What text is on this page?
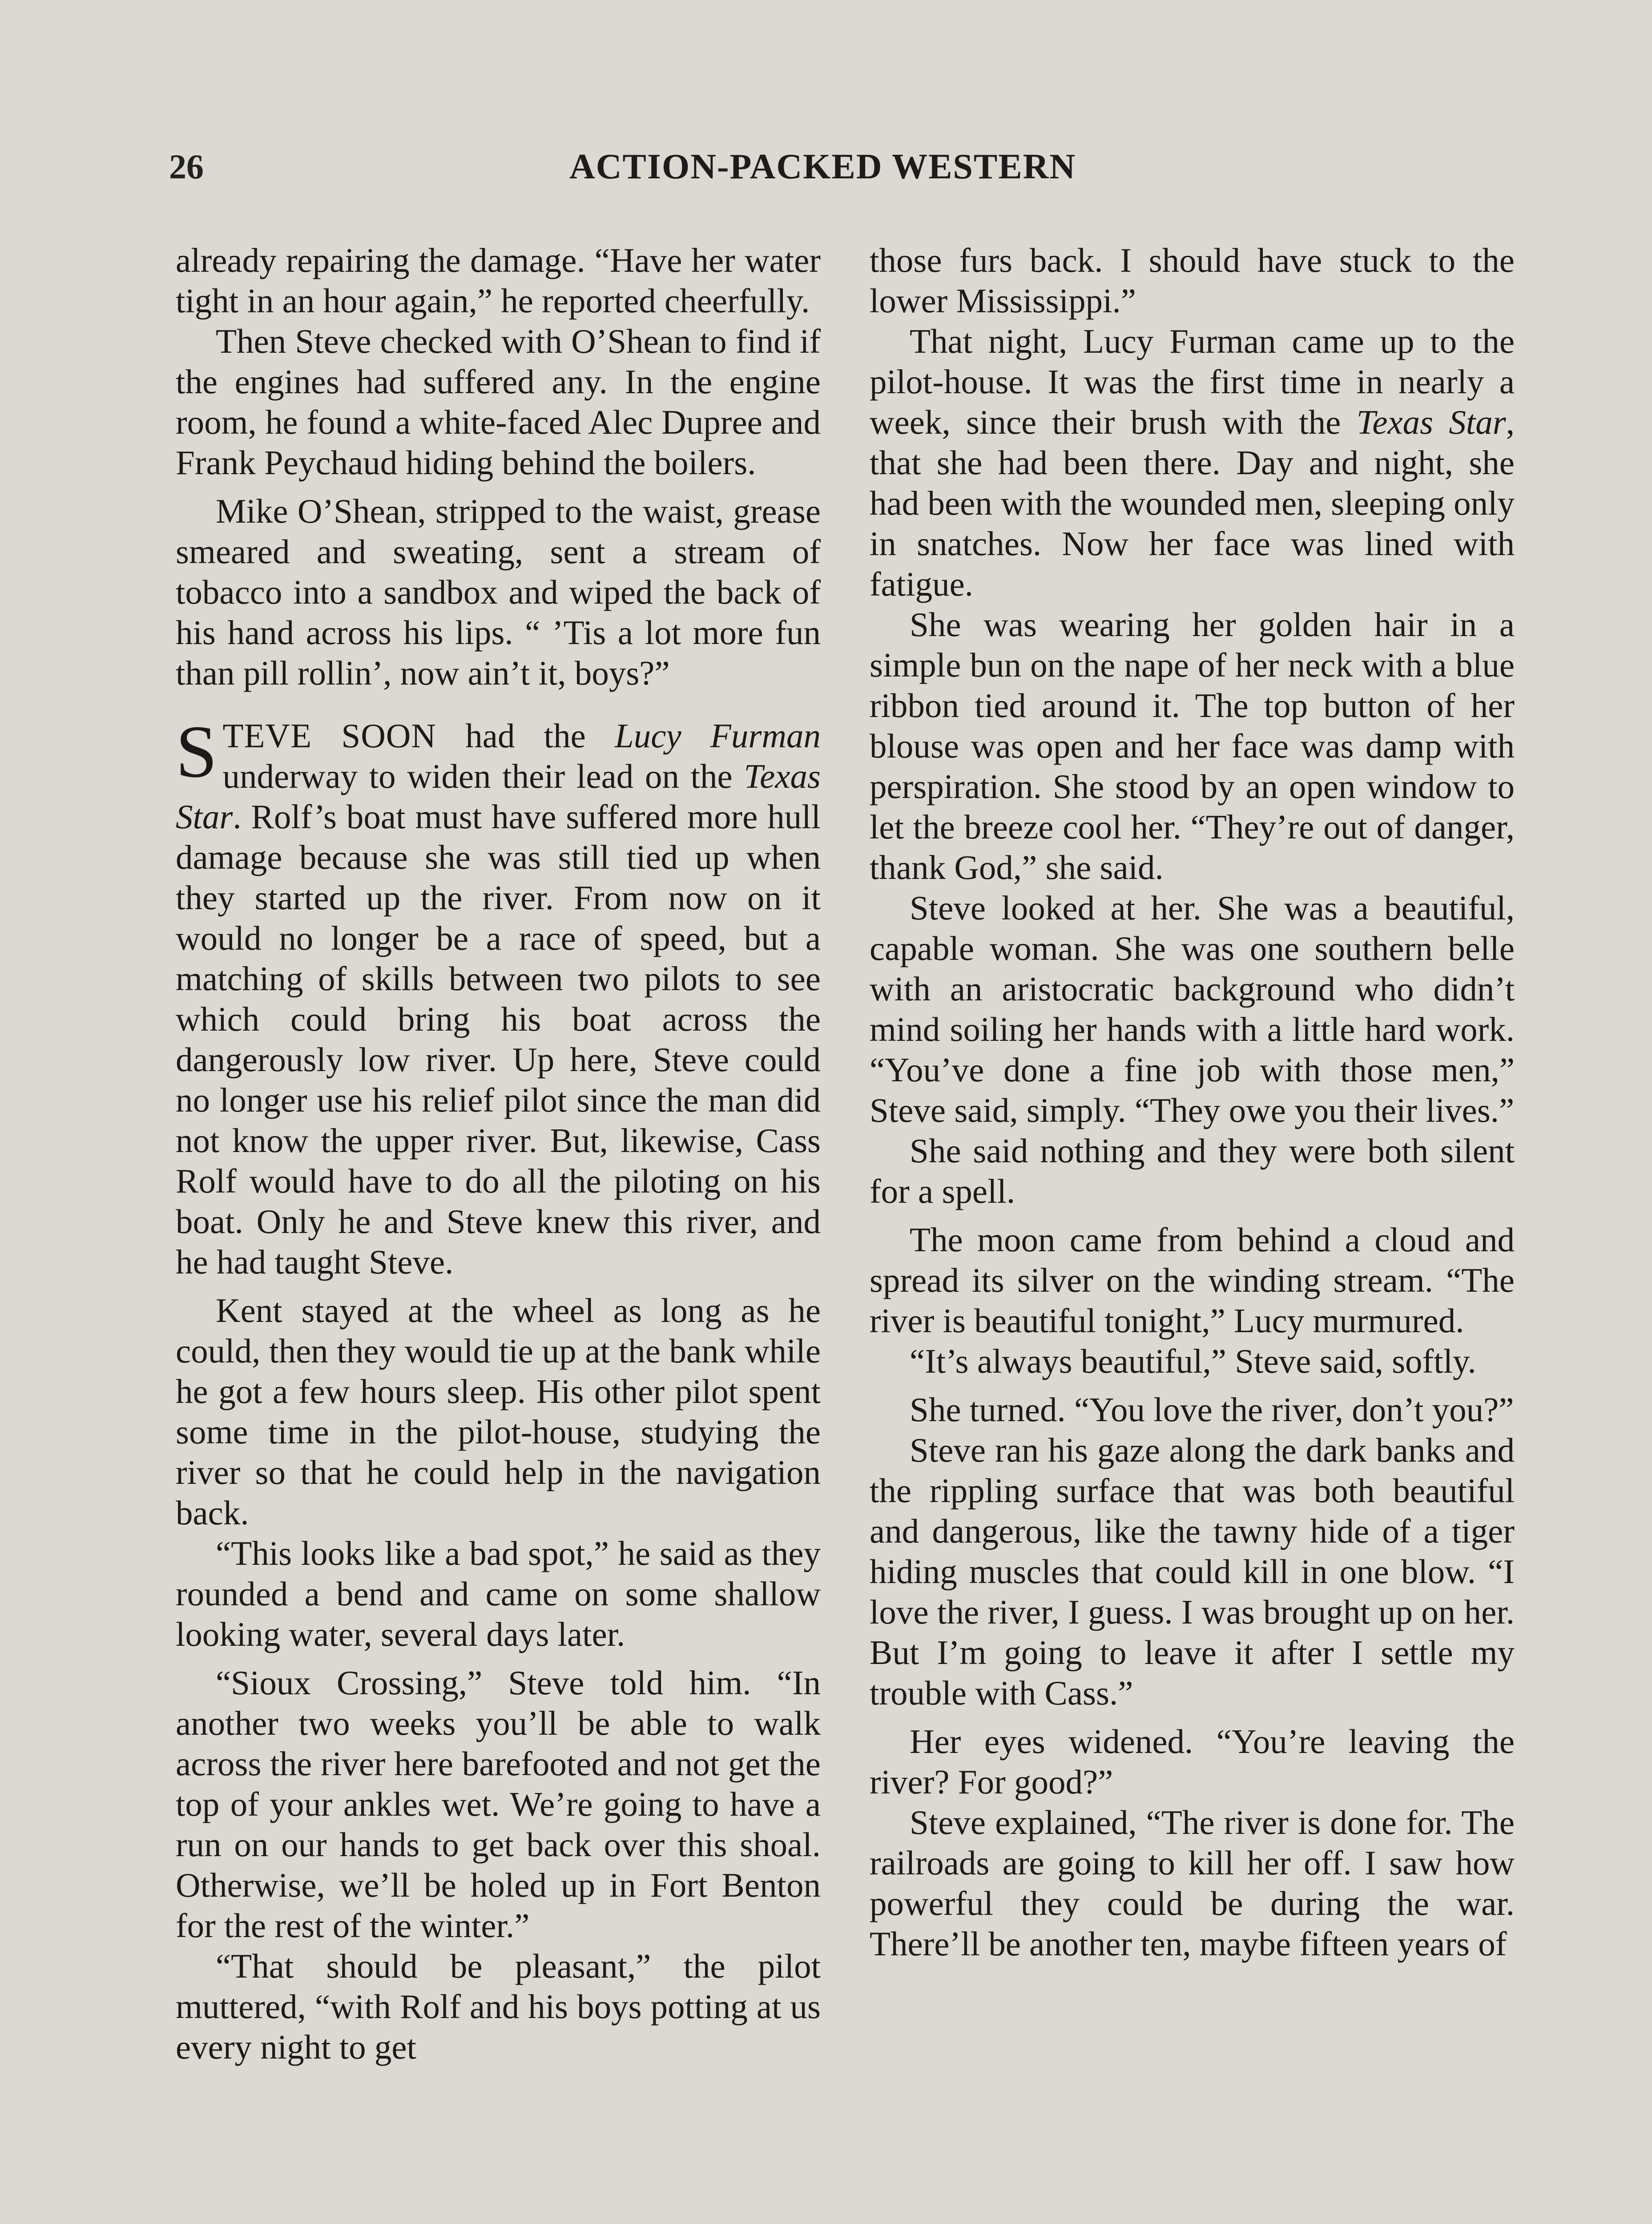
26	ACTION-PACKED WESTERN

already repairing the damage. “Have her water tight in an hour again,” he reported cheerfully.

Then Steve checked with O’Shean to find if the engines had suffered any. In the engine room, he found a white-faced Alec Dupree and Frank Peychaud hiding behind the boilers.

Mike O’Shean, stripped to the waist, grease smeared and sweating, sent a stream of tobacco into a sandbox and wiped the back of his hand across his lips. “ ’Tis a lot more fun than pill rollin’, now ain’t it, boys?”

STEVE SOON had the Lucy Furman underway to widen their lead on the Texas Star. Rolf’s boat must have suffered more hull damage because she was still tied up when they started up the river. From now on it would no longer be a race of speed, but a matching of skills between two pilots to see which could bring his boat across the dangerously low river. Up here, Steve could no longer use his relief pilot since the man did not know the upper river. But, likewise, Cass Rolf would have to do all the piloting on his boat. Only he and Steve knew this river, and he had taught Steve.

Kent stayed at the wheel as long as he could, then they would tie up at the bank while he got a few hours sleep. His other pilot spent some time in the pilot-house, studying the river so that he could help in the navigation back.

“This looks like a bad spot,” he said as they rounded a bend and came on some shallow looking water, several days later.

“Sioux Crossing,” Steve told him. “In another two weeks you’ll be able to walk across the river here barefooted and not get the top of your ankles wet. We’re going to have a run on our hands to get back over this shoal. Otherwise, we’ll be holed up in Fort Benton for the rest of the winter.”

“That should be pleasant,” the pilot muttered, “with Rolf and his boys potting at us every night to get

those furs back. I should have stuck to the lower Mississippi.”

That night, Lucy Furman came up to the pilot-house. It was the first time in nearly a week, since their brush with the Texas Star, that she had been there. Day and night, she had been with the wounded men, sleeping only in snatches. Now her face was lined with fatigue.

She was wearing her golden hair in a simple bun on the nape of her neck with a blue ribbon tied around it. The top button of her blouse was open and her face was damp with perspiration. She stood by an open window to let the breeze cool her. “They’re out of danger, thank God,” she said.

Steve looked at her. She was a beautiful, capable woman. She was one southern belle with an aristocratic background who didn’t mind soiling her hands with a little hard work. “You’ve done a fine job with those men,” Steve said, simply. “They owe you their lives.”

She said nothing and they were both silent for a spell.

The moon came from behind a cloud and spread its silver on the winding stream. “The river is beautiful tonight,” Lucy murmured.

“It’s always beautiful,” Steve said, softly.

She turned. “You love the river, don’t you?”

Steve ran his gaze along the dark banks and the rippling surface that was both beautiful and dangerous, like the tawny hide of a tiger hiding muscles that could kill in one blow. “I love the river, I guess. I was brought up on her. But I’m going to leave it after I settle my trouble with Cass.”

Her eyes widened. “You’re leaving the river? For good?”

Steve explained, “The river is done for. The railroads are going to kill her off. I saw how powerful they could be during the war. There’ll be another ten, maybe fifteen years of
